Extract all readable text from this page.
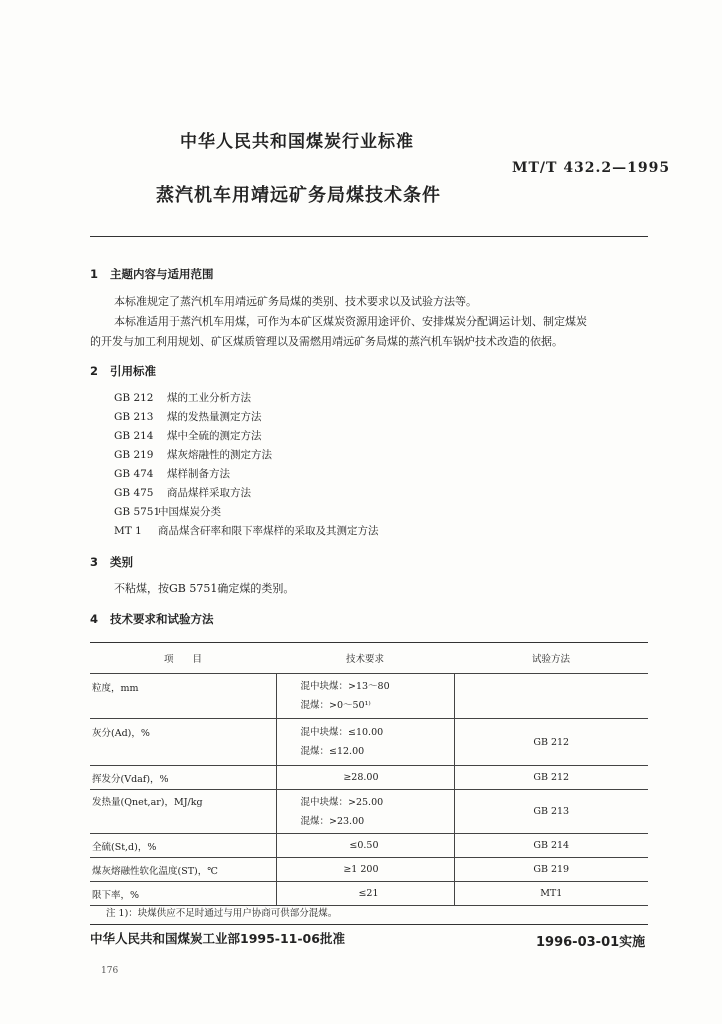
中华人民共和国煤炭行业标准
MT/T 432.2—1995
蒸汽机车用靖远矿务局煤技术条件
1 主题内容与适用范围
本标准规定了蒸汽机车用靖远矿务局煤的类别、技术要求以及试验方法等。
本标准适用于蒸汽机车用煤，可作为本矿区煤炭资源用途评价、安排煤炭分配调运计划、制定煤炭
的开发与加工利用规划、矿区煤质管理以及需燃用靖远矿务局煤的蒸汽机车锅炉技术改造的依据。
2 引用标准
GB 212 煤的工业分析方法
GB 213 煤的发热量测定方法
GB 214 煤中全硫的测定方法
GB 219 煤灰熔融性的测定方法
GB 474 煤样制备方法
GB 475 商品煤样采取方法
GB 5751中国煤炭分类
MT 1 商品煤含矸率和限下率煤样的采取及其测定方法
3 类别
不粘煤，按GB 5751确定煤的类别。
4 技术要求和试验方法
项　　目	技术要求	试验方法
粒度，mm	混中块煤：>13～80
混煤：>0～50¹⁾	

灰分(Ad)，%	混中块煤：≤10.00
混煤：≤12.00	GB 212
挥发分(Vdaf)，%	≥28.00	GB 212
发热量(Qnet,ar)，MJ/kg	混中块煤：>25.00
混煤：>23.00	GB 213
全硫(St,d)，%	≤0.50	GB 214
煤灰熔融性软化温度(ST)，℃	≥1 200	GB 219
限下率，%	≤21	MT1
注 1)：块煤供应不足时通过与用户协商可供部分混煤。
中华人民共和国煤炭工业部1995-11-06批准	1996-03-01实施
176
